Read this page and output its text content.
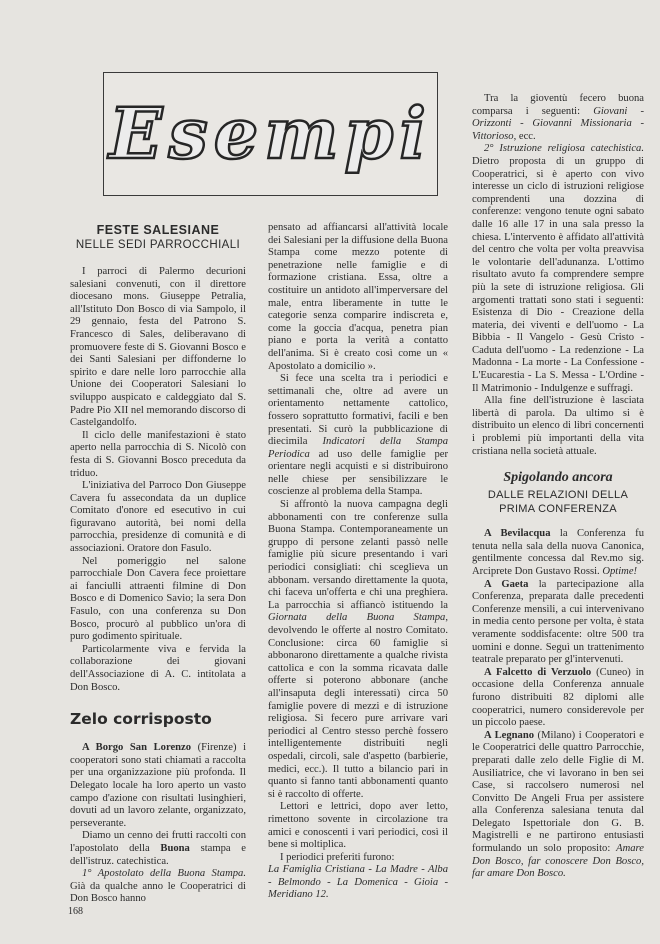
Esempi
FESTE SALESIANE
NELLE SEDI PARROCCHIALI

I parroci di Palermo decurioni salesiani convenuti, con il direttore diocesano mons. Giuseppe Petralia, all'Istituto Don Bosco di via Sampolo, il 29 gennaio, festa del Patrono S. Francesco di Sales, deliberavano di promuovere feste di S. Giovanni Bosco e dei Santi Salesiani per diffonderne lo spirito e dare nelle loro parrocchie alla Unione dei Cooperatori Salesiani lo sviluppo auspicato e caldeggiato dal S. Padre Pio XII nel memorando discorso di Castelgandolfo.

Il ciclo delle manifestazioni è stato aperto nella parrocchia di S. Nicolò con festa di S. Giovanni Bosco preceduta da triduo.

L'iniziativa del Parroco Don Giuseppe Cavera fu assecondata da un duplice Comitato d'onore ed esecutivo in cui figuravano autorità, bei nomi della parrocchia, presidenze di comunità e di associazioni. Oratore don Fasulo.

Nel pomeriggio nel salone parrocchiale Don Cavera fece proiettare ai fanciulli attraenti filmine di Don Bosco e di Domenico Savio; la sera Don Fasulo, con una conferenza su Don Bosco, procurò al pubblico un'ora di puro godimento spirituale.

Particolarmente viva e fervida la collaborazione dei giovani dell'Associazione di A. C. intitolata a Don Bosco.

Zelo corrisposto

A Borgo San Lorenzo (Firenze) i cooperatori sono stati chiamati a raccolta per una organizzazione più profonda. Il Delegato locale ha loro aperto un vasto campo d'azione con risultati lusinghieri, dovuti ad un lavoro zelante, organizzato, perseverante.

Diamo un cenno dei frutti raccolti con l'apostolato della Buona stampa e dell'istruz. catechistica.

1° Apostolato della Buona Stampa. Già da qualche anno le Cooperatrici di Don Bosco hanno

pensato ad affiancarsi all'attività locale dei Salesiani per la diffusione della Buona Stampa come mezzo potente di penetrazione nelle famiglie e di formazione cristiana. Essa, oltre a costituire un antidoto all'imperversare del male, entra liberamente in tutte le categorie senza comparire indiscreta e, come la goccia d'acqua, penetra pian piano e porta la verità a contatto dell'anima. Si è creato così come un « Apostolato a domicilio ».

Si fece una scelta tra i periodici e settimanali che, oltre ad avere un orientamento nettamente cattolico, fossero soprattutto formativi, facili e ben presentati. Si curò la pubblicazione di diecimila Indicatori della Stampa Periodica ad uso delle famiglie per orientare negli acquisti e si distribuirono nelle chiese per sensibilizzare le coscienze al problema della Stampa.

Si affrontò la nuova campagna degli abbonamenti con tre conferenze sulla Buona Stampa. Contemporaneamente un gruppo di persone zelanti passò nelle famiglie più sicure presentando i vari periodici consigliati: chi sceglieva un abbonam. versando direttamente la quota, chi faceva un'offerta e chi una preghiera. La parrocchia si affiancò istituendo la Giornata della Buona Stampa, devolvendo le offerte al nostro Comitato. Conclusione: circa 60 famiglie si abbonarono direttamente a qualche rivista cattolica e con la somma ricavata dalle offerte si poterono abbonare (anche all'insaputa degli interessati) circa 50 famiglie povere di mezzi e di istruzione religiosa. Si fecero pure arrivare vari periodici al Centro stesso perchè fossero intelligentemente distribuiti negli ospedali, circoli, sale d'aspetto (barbierie, medici, ecc.). Il tutto a bilancio pari in quanto si fanno tanti abbonamenti quanto si è raccolto di offerte.

Lettori e lettrici, dopo aver letto, rimettono sovente in circolazione tra amici e conoscenti i vari periodici, così il bene si moltiplica.

I periodici preferiti furono:

La Famiglia Cristiana - La Madre - Alba - Belmondo - La Domenica - Gioia - Meridiano 12.

Tra la gioventù fecero buona comparsa i seguenti: Giovani - Orizzonti - Giovanni Missionaria - Vittorioso, ecc.

2° Istruzione religiosa catechistica. Dietro proposta di un gruppo di Cooperatrici, si è aperto con vivo interesse un ciclo di istruzioni religiose comprendenti una dozzina di conferenze: vengono tenute ogni sabato dalle 16 alle 17 in una sala presso la chiesa. L'intervento è affidato all'attività del centro che volta per volta preavvisa le volontarie dell'adunanza. L'ottimo risultato avuto fa comprendere sempre più la sete di istruzione religiosa. Gli argomenti trattati sono stati i seguenti: Esistenza di Dio - Creazione della materia, dei viventi e dell'uomo - La Bibbia - Il Vangelo - Gesù Cristo - Caduta dell'uomo - La redenzione - La Madonna - La morte - La Confessione - L'Eucarestia - La S. Messa - L'Ordine - Il Matrimonio - Indulgenze e suffragi.

Alla fine dell'istruzione è lasciata libertà di parola. Da ultimo si è distribuito un elenco di libri concernenti i problemi più importanti della vita cristiana nella società attuale.

Spigolando ancora
DALLE RELAZIONI DELLA
PRIMA CONFERENZA

A Bevilacqua la Conferenza fu tenuta nella sala della nuova Canonica, gentilmente concessa dal Rev.mo sig. Arciprete Don Gustavo Rossi. Optime!

A Gaeta la partecipazione alla Conferenza, preparata dalle precedenti Conferenze mensili, a cui intervenivano in media cento persone per volta, è stata veramente soddisfacente: oltre 500 tra uomini e donne. Seguì un trattenimento teatrale preparato per gl'intervenuti.

A Falcetto di Verzuolo (Cuneo) in occasione della Conferenza annuale furono distribuiti 82 diplomi alle cooperatrici, numero considerevole per un piccolo paese.

A Legnano (Milano) i Cooperatori e le Cooperatrici delle quattro Parrocchie, preparati dalle zelo delle Figlie di M. Ausiliatrice, che vi lavorano in ben sei Case, si raccolsero numerosi nel Convitto De Angeli Frua per assistere alla Conferenza salesiana tenuta dal Delegato Ispettoriale don G. B. Magistrelli e ne partirono entusiasti formulando un solo proposito: Amare Don Bosco, far conoscere Don Bosco, far amare Don Bosco.

168
